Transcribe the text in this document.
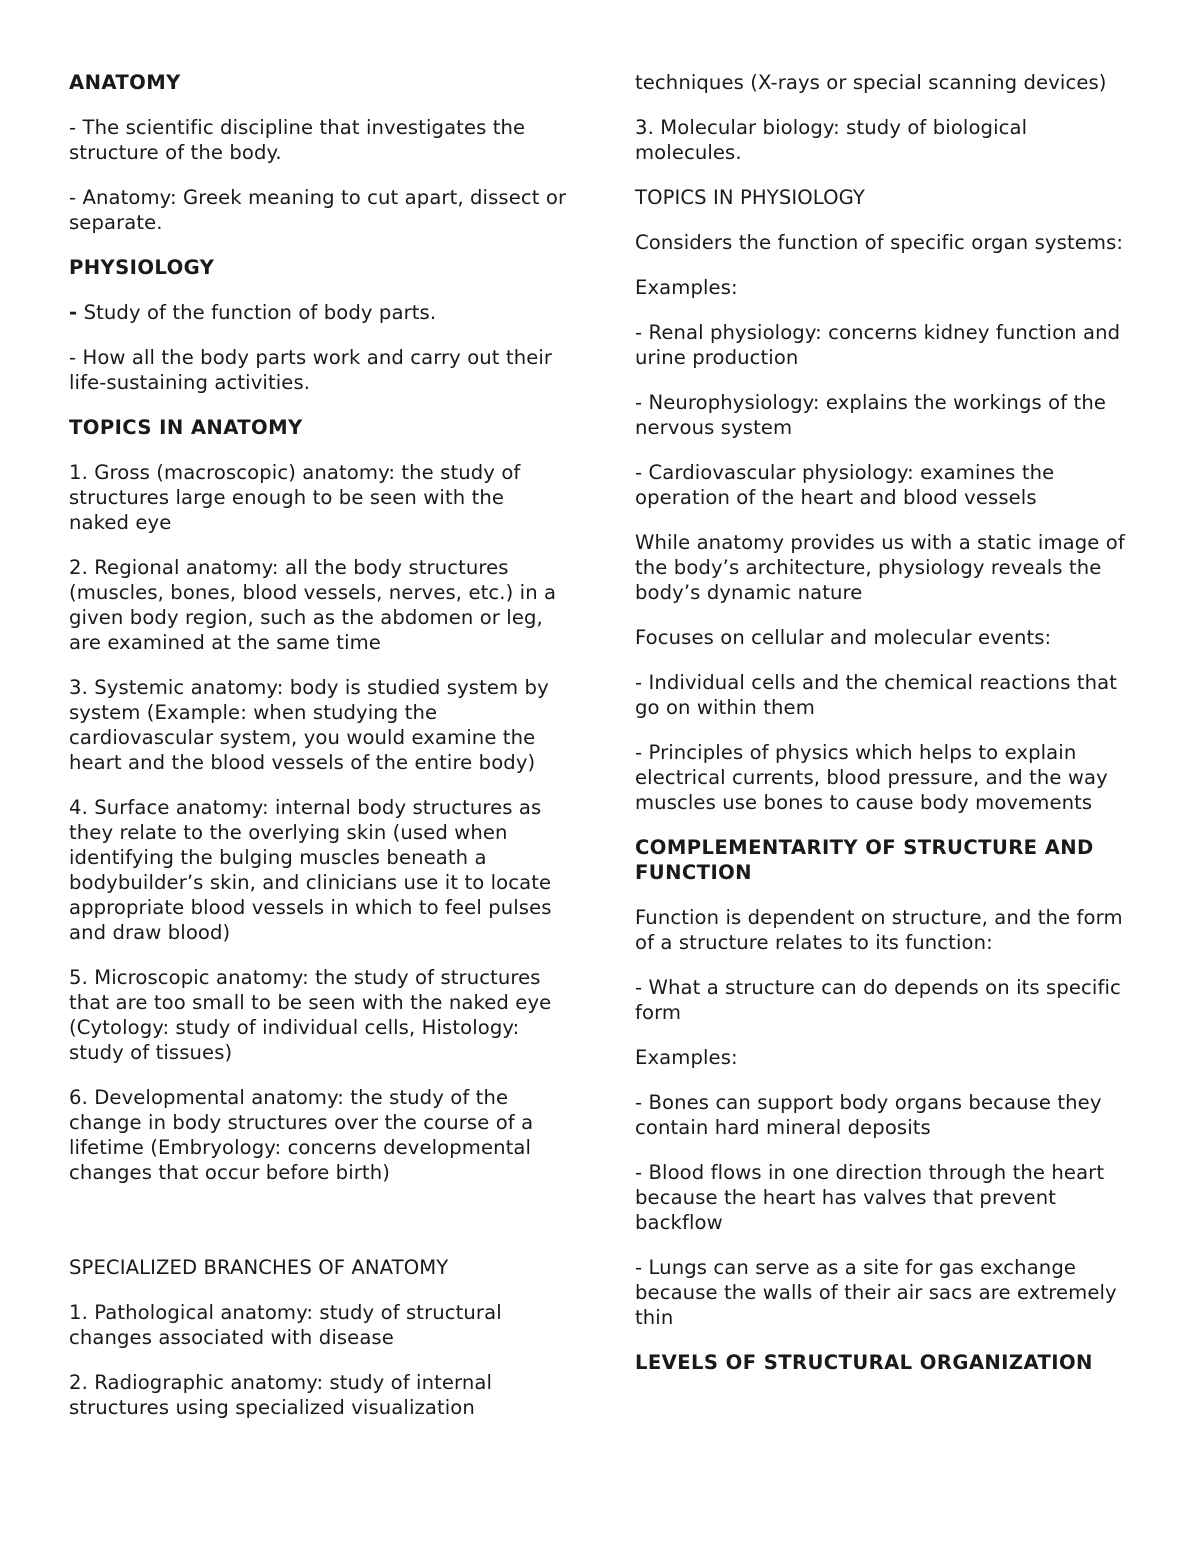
ANATOMY

- The scientific discipline that investigates the structure of the body.

- Anatomy: Greek meaning to cut apart, dissect or separate.

PHYSIOLOGY

- Study of the function of body parts.

- How all the body parts work and carry out their life-sustaining activities.

TOPICS IN ANATOMY

1. Gross (macroscopic) anatomy: the study of structures large enough to be seen with the naked eye

2. Regional anatomy: all the body structures (muscles, bones, blood vessels, nerves, etc.) in a given body region, such as the abdomen or leg, are examined at the same time

3. Systemic anatomy: body is studied system by system (Example: when studying the cardiovascular system, you would examine the heart and the blood vessels of the entire body)

4. Surface anatomy: internal body structures as they relate to the overlying skin (used when identifying the bulging muscles beneath a bodybuilder’s skin, and clinicians use it to locate appropriate blood vessels in which to feel pulses and draw blood)

5. Microscopic anatomy: the study of structures that are too small to be seen with the naked eye (Cytology: study of individual cells, Histology: study of tissues)

6. Developmental anatomy: the study of the change in body structures over the course of a lifetime (Embryology: concerns developmental changes that occur before birth)

SPECIALIZED BRANCHES OF ANATOMY

1. Pathological anatomy: study of structural changes associated with disease

2. Radiographic anatomy: study of internal structures using specialized visualization

techniques (X-rays or special scanning devices)

3. Molecular biology: study of biological molecules.

TOPICS IN PHYSIOLOGY

Considers the function of specific organ systems:

Examples:

- Renal physiology: concerns kidney function and urine production

- Neurophysiology: explains the workings of the nervous system

- Cardiovascular physiology: examines the operation of the heart and blood vessels

While anatomy provides us with a static image of the body’s architecture, physiology reveals the body’s dynamic nature

Focuses on cellular and molecular events:

- Individual cells and the chemical reactions that go on within them

- Principles of physics which helps to explain electrical currents, blood pressure, and the way muscles use bones to cause body movements

COMPLEMENTARITY OF STRUCTURE AND FUNCTION

Function is dependent on structure, and the form of a structure relates to its function:

- What a structure can do depends on its specific form

Examples:

- Bones can support body organs because they contain hard mineral deposits

- Blood flows in one direction through the heart because the heart has valves that prevent backflow

- Lungs can serve as a site for gas exchange because the walls of their air sacs are extremely thin

LEVELS OF STRUCTURAL ORGANIZATION
